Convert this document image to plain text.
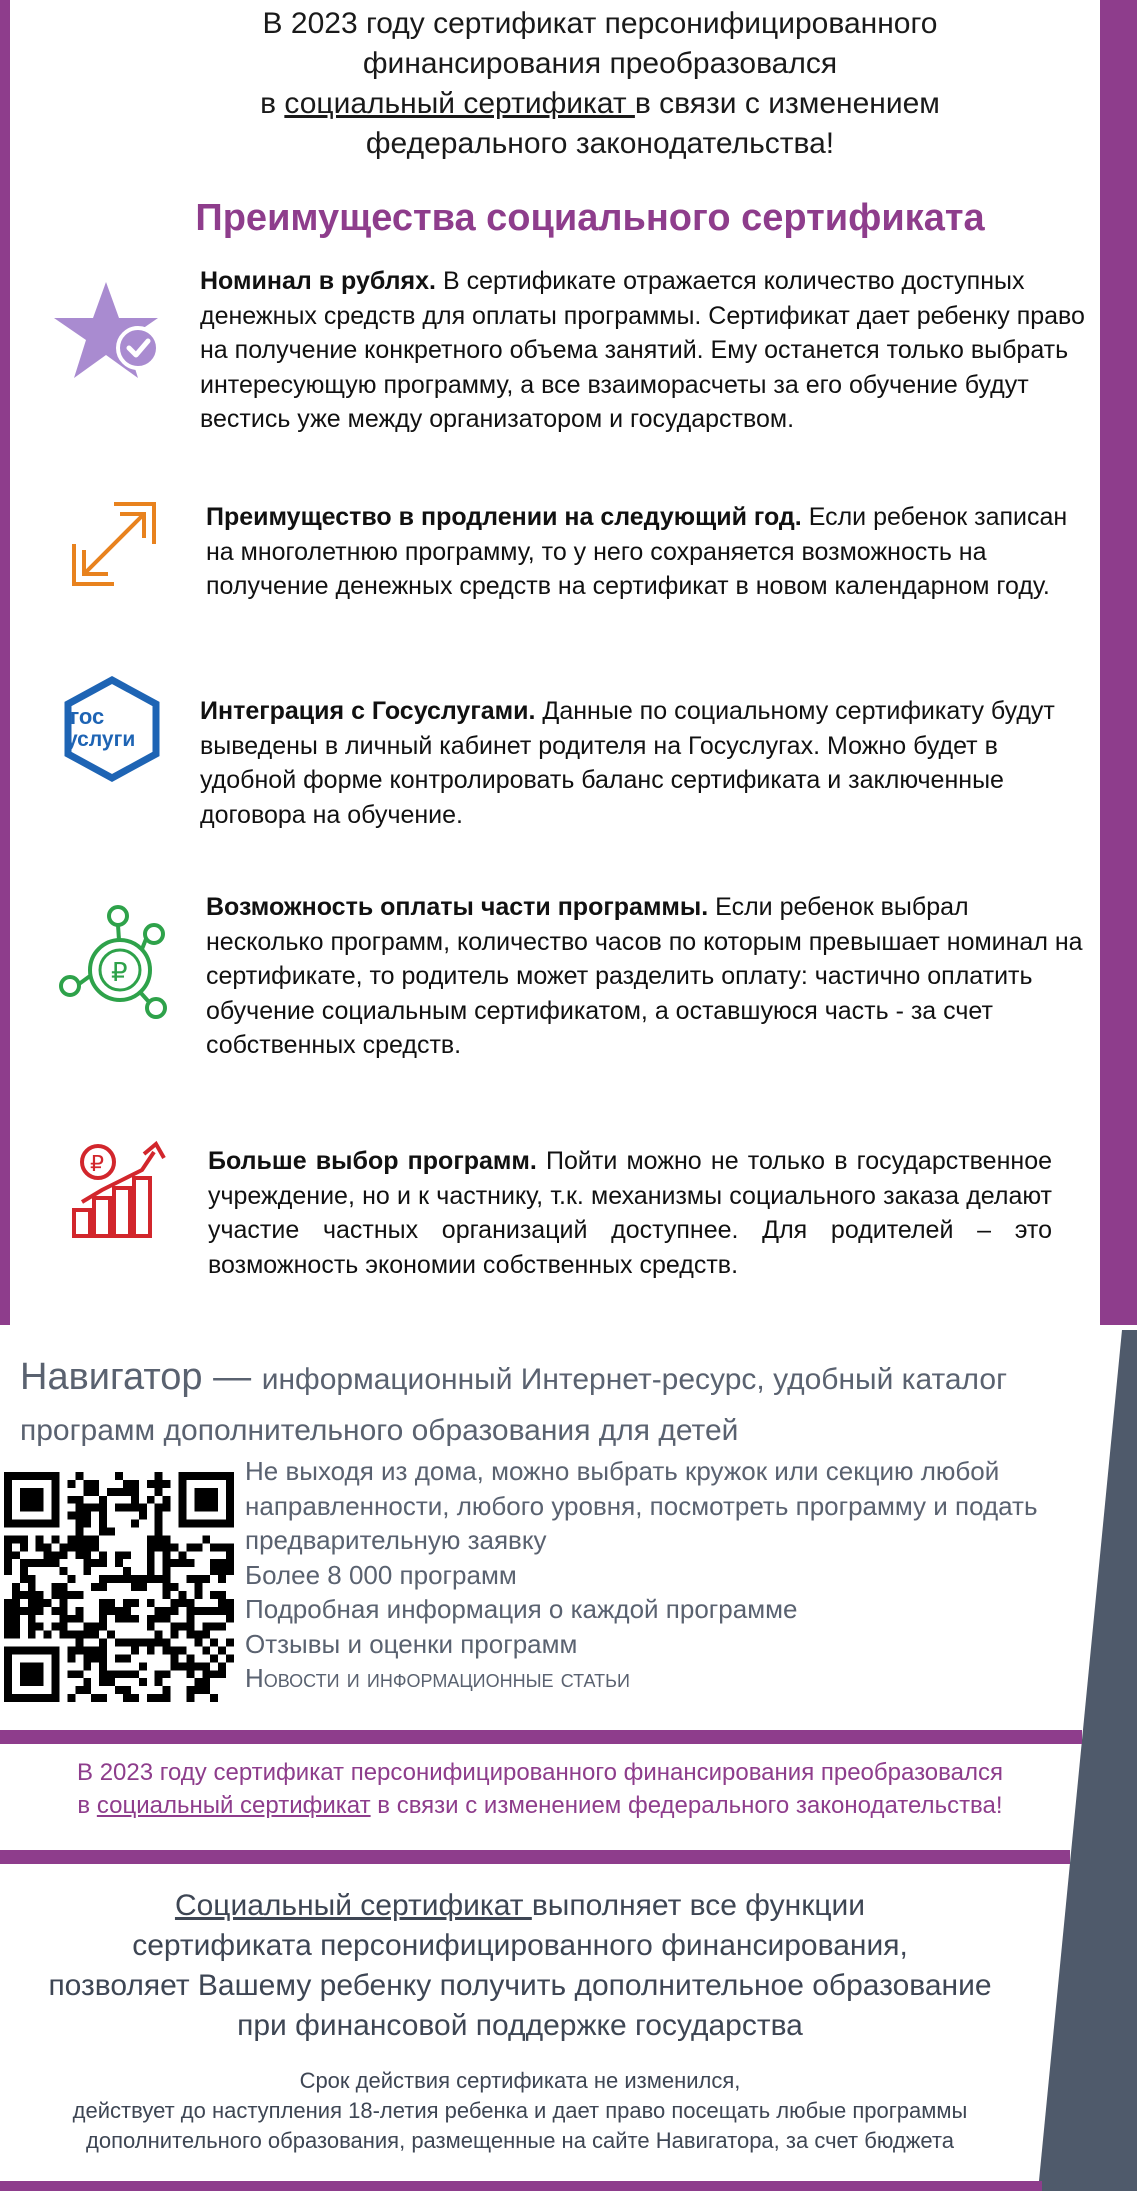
В 2023 году сертификат персонифицированного
финансирования преобразовался
в социальный сертификат в связи с изменением
федерального законодательства!
Преимущества социального сертификата
Номинал в рублях. В сертификате отражается количество доступных денежных средств для оплаты программы. Сертификат дает ребенку право на получение конкретного объема занятий. Ему останется только выбрать интересующую программу, а все взаиморасчеты за его обучение будут вестись уже между организатором и государством.
Преимущество в продлении на следующий год. Если ребенок записан на многолетнюю программу, то у него сохраняется возможность на получение денежных средств на сертификат в новом календарном году.
гос
услуги
Интеграция с Госуслугами. Данные по социальному сертификату будут выведены в личный кабинет родителя на Госуслугах. Можно будет в удобной форме контролировать баланс сертификата и заключенные договора на обучение.
₽
Возможность оплаты части программы. Если ребенок выбрал несколько программ, количество часов по которым превышает номинал на сертификате, то родитель может разделить оплату: частично оплатить обучение социальным сертификатом, а оставшуюся часть - за счет собственных средств.
₽	Больше выбор программ. Пойти можно не только в государственное учреждение, но и к частнику, т.к. механизмы социального заказа делают участие частных организаций доступнее. Для родителей – это возможность экономии собственных средств.
Навигатор — информационный Интернет-ресурс, удобный каталог программ дополнительного образования для детей
Не выходя из дома, можно выбрать кружок или секцию любой
направленности, любого уровня, посмотреть программу и подать
предварительную заявку
Более 8 000 программ
Подробная информация о каждой программе
Отзывы и оценки программ
Новости и информационные статьи
В 2023 году сертификат персонифицированного финансирования преобразовался
в социальный сертификат в связи с изменением федерального законодательства!
Социальный сертификат выполняет все функции
сертификата персонифицированного финансирования,
позволяет Вашему ребенку получить дополнительное образование
при финансовой поддержке государства
Срок действия сертификата не изменился,
действует до наступления 18-летия ребенка и дает право посещать любые программы
дополнительного образования, размещенные на сайте Навигатора, за счет бюджета
